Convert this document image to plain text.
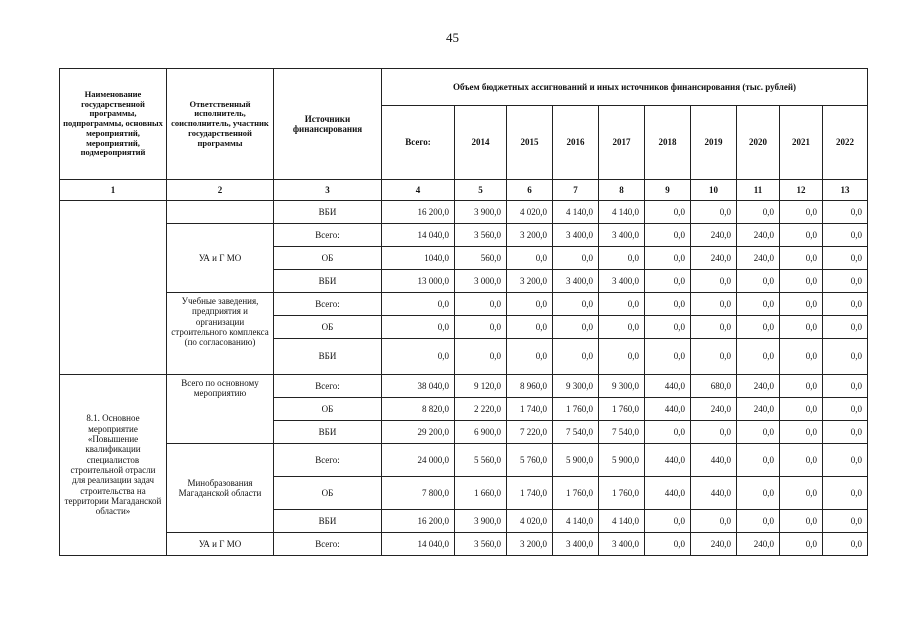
45
Наименование государственной программы, подпрограммы, основных мероприятий, мероприятий, подмероприятий	Ответственный исполнитель, соисполнитель, участник государственной программы	Источники финансирования	Объем бюджетных ассигнований и иных источников финансирования (тыс. рублей)									
			Всего:	2014	2015	2016	2017	2018	2019	2020	2021	2022
1	2	3	4	5	6	7	8	9	10	11	12	13
		ВБИ	16 200,0	3 900,0	4 020,0	4 140,0	4 140,0	0,0	0,0	0,0	0,0	0,0
	УА и Г МО	Всего:	14 040,0	3 560,0	3 200,0	3 400,0	3 400,0	0,0	240,0	240,0	0,0	0,0
		ОБ	1040,0	560,0	0,0	0,0	0,0	0,0	240,0	240,0	0,0	0,0
		ВБИ	13 000,0	3 000,0	3 200,0	3 400,0	3 400,0	0,0	0,0	0,0	0,0	0,0
	Учебные заведения, предприятия и организации строительного комплекса (по согласованию)	Всего:	0,0	0,0	0,0	0,0	0,0	0,0	0,0	0,0	0,0	0,0
		ОБ	0,0	0,0	0,0	0,0	0,0	0,0	0,0	0,0	0,0	0,0
		ВБИ	0,0	0,0	0,0	0,0	0,0	0,0	0,0	0,0	0,0	0,0
8.1. Основное мероприятие «Повышение квалификации специалистов строительной отрасли для реализации задач строительства на территории Магаданской области»	Всего по основному мероприятию	Всего:	38 040,0	9 120,0	8 960,0	9 300,0	9 300,0	440,0	680,0	240,0	0,0	0,0
		ОБ	8 820,0	2 220,0	1 740,0	1 760,0	1 760,0	440,0	240,0	240,0	0,0	0,0
		ВБИ	29 200,0	6 900,0	7 220,0	7 540,0	7 540,0	0,0	0,0	0,0	0,0	0,0
	Минобразования Магаданской области	Всего:	24 000,0	5 560,0	5 760,0	5 900,0	5 900,0	440,0	440,0	0,0	0,0	0,0
		ОБ	7 800,0	1 660,0	1 740,0	1 760,0	1 760,0	440,0	440,0	0,0	0,0	0,0
		ВБИ	16 200,0	3 900,0	4 020,0	4 140,0	4 140,0	0,0	0,0	0,0	0,0	0,0
	УА и Г МО	Всего:	14 040,0	3 560,0	3 200,0	3 400,0	3 400,0	0,0	240,0	240,0	0,0	0,0
